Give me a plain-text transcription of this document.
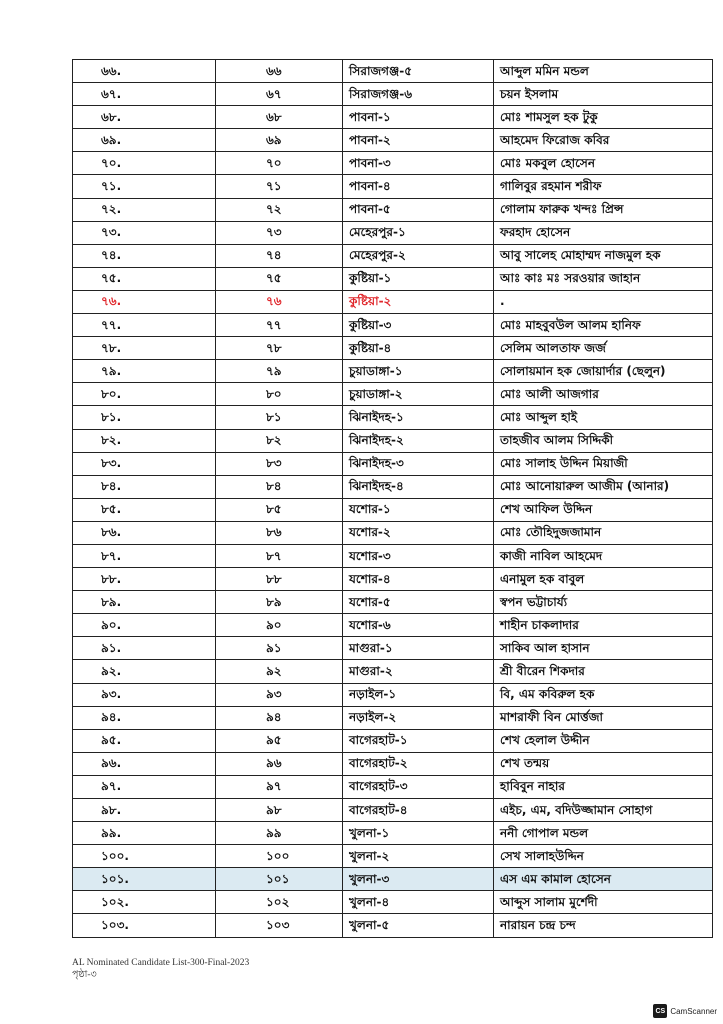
৬৬.	৬৬	সিরাজগঞ্জ-৫	আব্দুল মমিন মন্ডল
৬৭.	৬৭	সিরাজগঞ্জ-৬	চয়ন ইসলাম
৬৮.	৬৮	পাবনা-১	মোঃ শামসুল হক টুকু
৬৯.	৬৯	পাবনা-২	আহমেদ ফিরোজ কবির
৭০.	৭০	পাবনা-৩	মোঃ মকবুল হোসেন
৭১.	৭১	পাবনা-৪	গালিবুর রহমান শরীফ
৭২.	৭২	পাবনা-৫	গোলাম ফারুক খন্দঃ প্রিন্স
৭৩.	৭৩	মেহেরপুর-১	ফরহাদ হোসেন
৭৪.	৭৪	মেহেরপুর-২	আবু সালেহ মোহাম্মদ নাজমুল হক
৭৫.	৭৫	কুষ্টিয়া-১	আঃ কাঃ মঃ সরওয়ার জাহান
৭৬.	৭৬	কুষ্টিয়া-২	.
৭৭.	৭৭	কুষ্টিয়া-৩	মোঃ মাহবুবউল আলম হানিফ
৭৮.	৭৮	কুষ্টিয়া-৪	সেলিম আলতাফ জর্জ
৭৯.	৭৯	চুয়াডাঙ্গা-১	সোলায়মান হক জোয়ার্দার (ছেলুন)
৮০.	৮০	চুয়াডাঙ্গা-২	মোঃ আলী আজগার
৮১.	৮১	ঝিনাইদহ-১	মোঃ আব্দুল হাই
৮২.	৮২	ঝিনাইদহ-২	তাহজীব আলম সিদ্দিকী
৮৩.	৮৩	ঝিনাইদহ-৩	মোঃ সালাহ উদ্দিন মিয়াজী
৮৪.	৮৪	ঝিনাইদহ-৪	মোঃ আনোয়ারুল আজীম (আনার)
৮৫.	৮৫	যশোর-১	শেখ আফিল উদ্দিন
৮৬.	৮৬	যশোর-২	মোঃ তৌহিদুজজামান
৮৭.	৮৭	যশোর-৩	কাজী নাবিল আহমেদ
৮৮.	৮৮	যশোর-৪	এনামুল হক বাবুল
৮৯.	৮৯	যশোর-৫	স্বপন ভট্টাচার্য্য
৯০.	৯০	যশোর-৬	শাহীন চাকলাদার
৯১.	৯১	মাগুরা-১	সাকিব আল হাসান
৯২.	৯২	মাগুরা-২	শ্রী বীরেন শিকদার
৯৩.	৯৩	নড়াইল-১	বি, এম কবিরুল হক
৯৪.	৯৪	নড়াইল-২	মাশরাফী বিন মোর্ত্তজা
৯৫.	৯৫	বাগেরহাট-১	শেখ হেলাল উদ্দীন
৯৬.	৯৬	বাগেরহাট-২	শেখ তন্ময়
৯৭.	৯৭	বাগেরহাট-৩	হাবিবুন নাহার
৯৮.	৯৮	বাগেরহাট-৪	এইচ, এম, বদিউজ্জামান সোহাগ
৯৯.	৯৯	খুলনা-১	ননী গোপাল মন্ডল
১০০.	১০০	খুলনা-২	সেখ সালাহউদ্দিন
১০১.	১০১	খুলনা-৩	এস এম কামাল হোসেন
১০২.	১০২	খুলনা-৪	আব্দুস সালাম মুর্শেদী
১০৩.	১০৩	খুলনা-৫	নারায়ন চন্দ্র চন্দ
AL Nominated Candidate List-300-Final-2023
পৃষ্ঠা-৩
CS CamScanner
